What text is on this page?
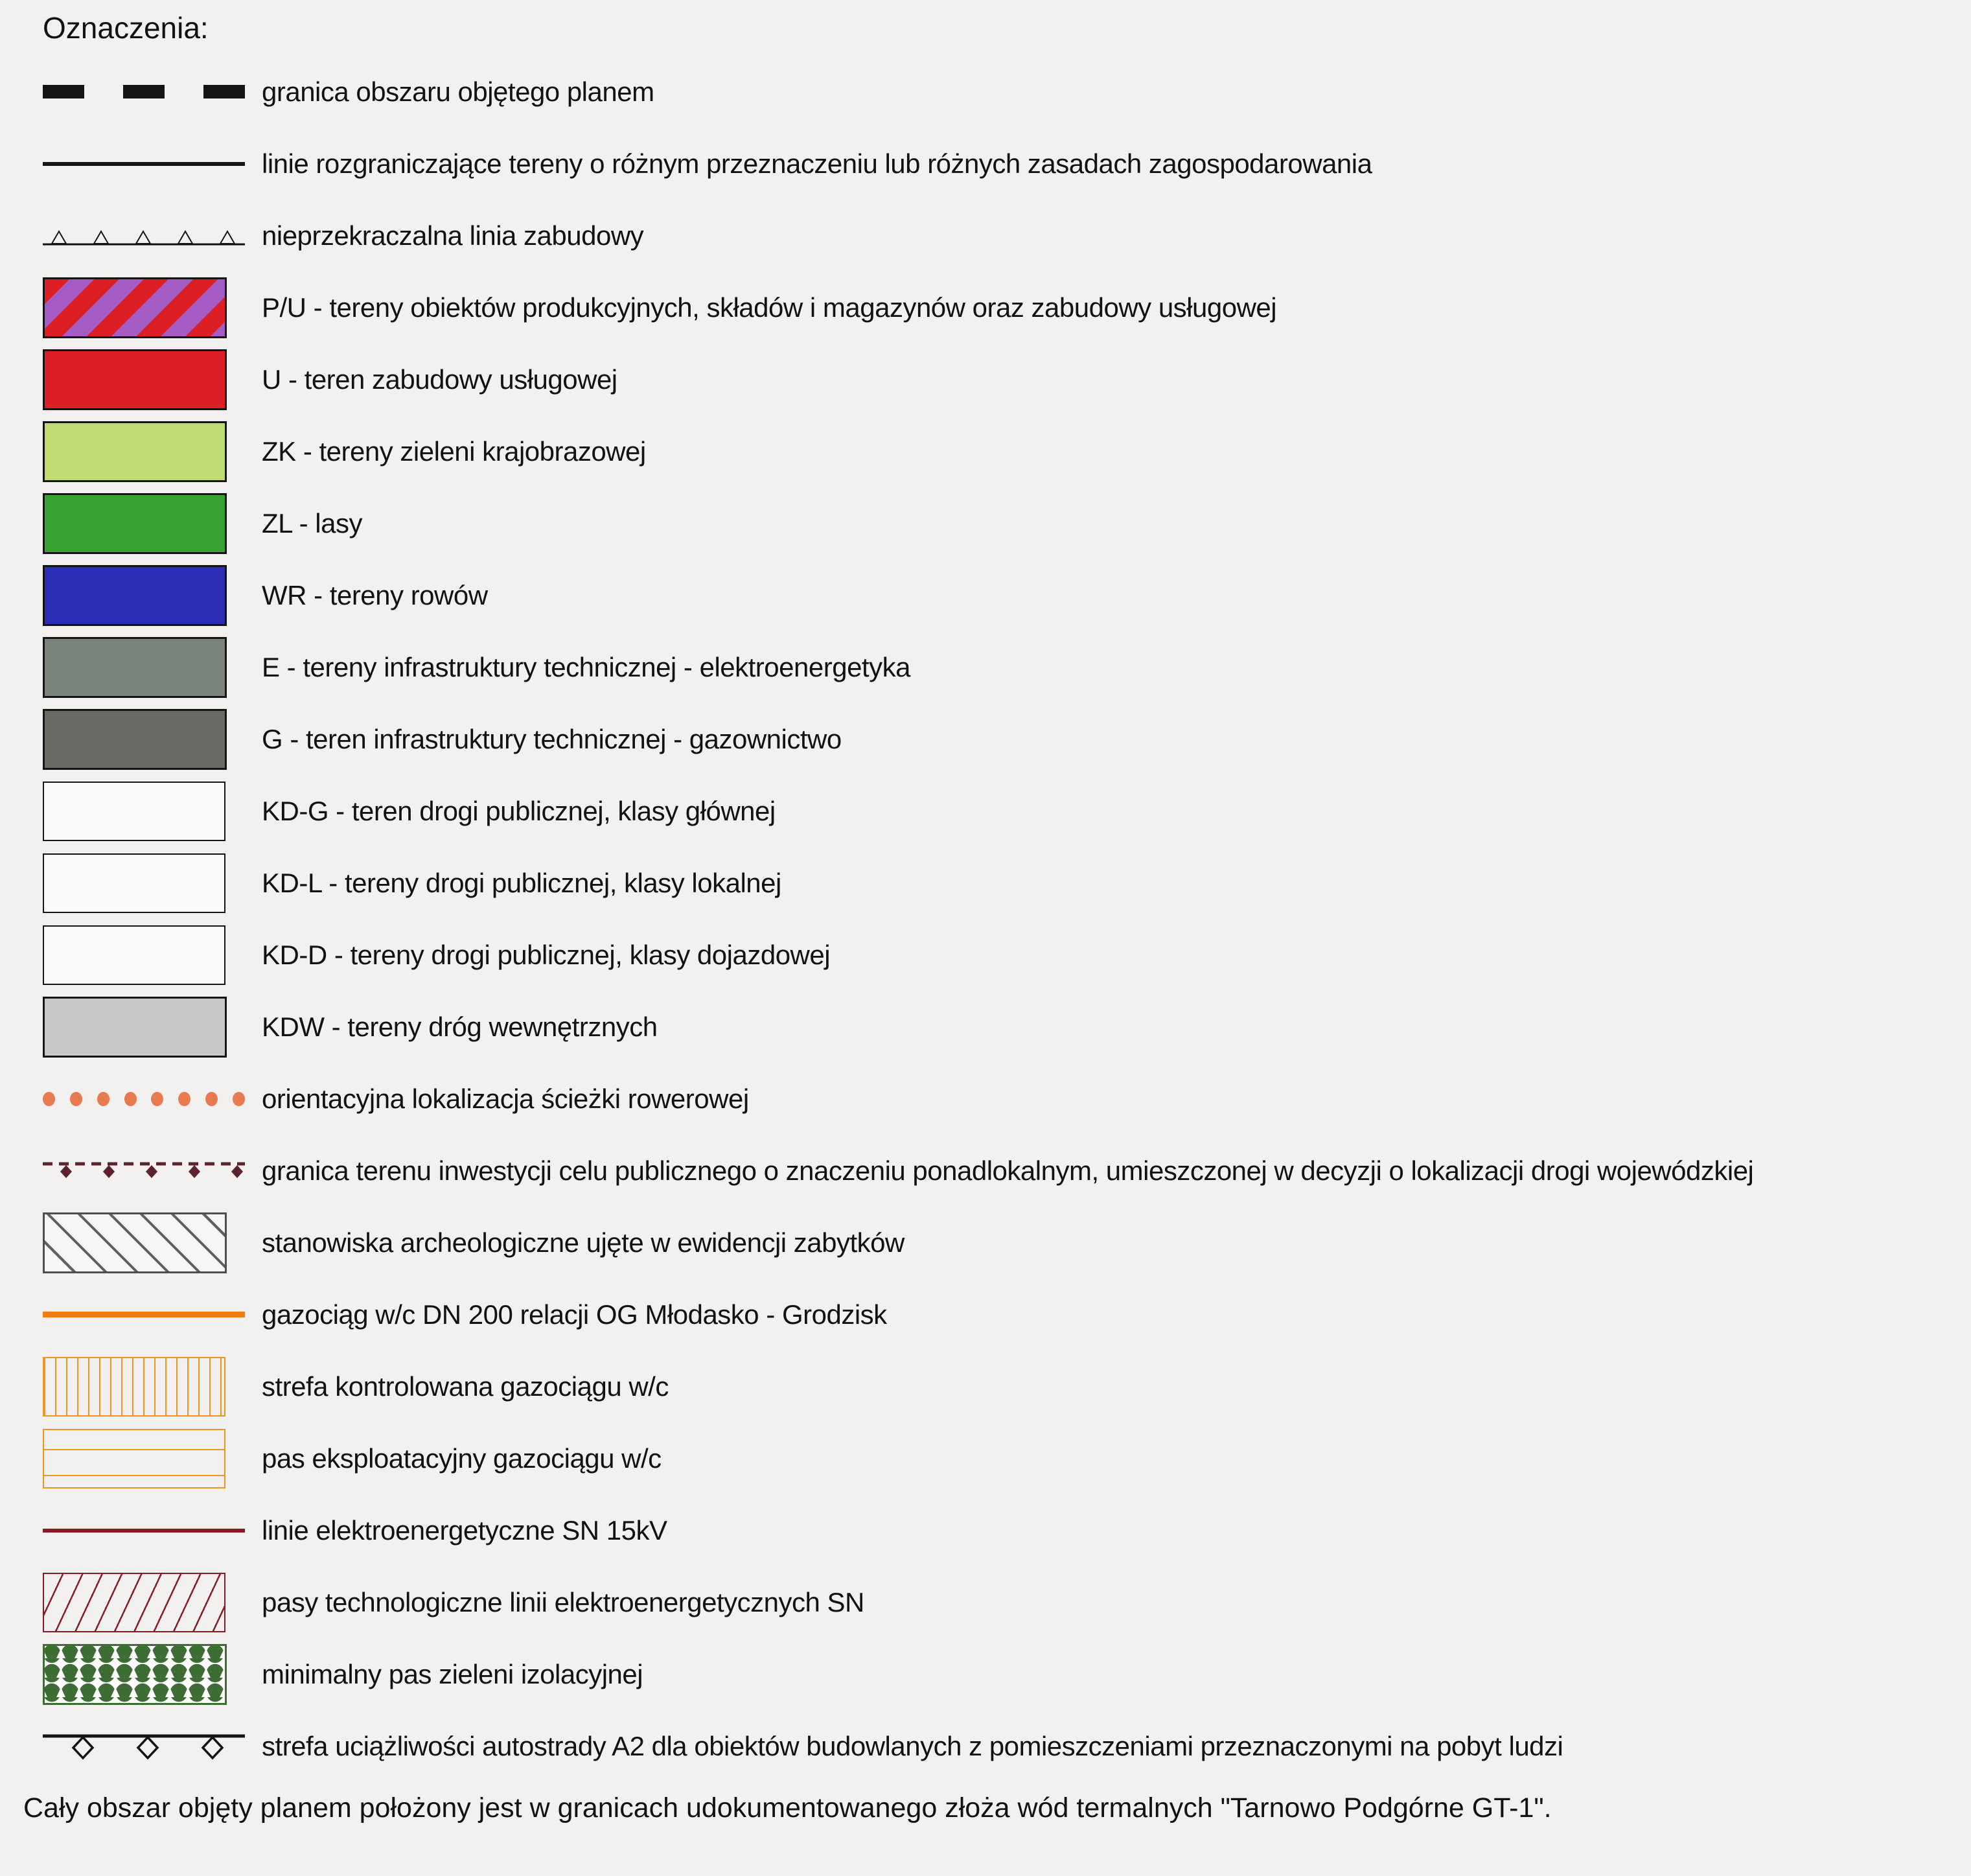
Oznaczenia:
granica obszaru objętego planem
linie rozgraniczające tereny o różnym przeznaczeniu lub różnych zasadach zagospodarowania
nieprzekraczalna linia zabudowy
P/U - tereny obiektów produkcyjnych, składów i magazynów oraz zabudowy usługowej
U - teren zabudowy usługowej
ZK - tereny zieleni krajobrazowej
ZL - lasy
WR - tereny rowów
E - tereny infrastruktury technicznej - elektroenergetyka
G - teren infrastruktury technicznej - gazownictwo
KD-G - teren drogi publicznej, klasy głównej
KD-L - tereny drogi publicznej, klasy lokalnej
KD-D - tereny drogi publicznej, klasy dojazdowej
KDW - tereny dróg wewnętrznych
orientacyjna lokalizacja ścieżki rowerowej
granica terenu inwestycji celu publicznego o znaczeniu ponadlokalnym, umieszczonej w decyzji o lokalizacji drogi wojewódzkiej
stanowiska archeologiczne ujęte w ewidencji zabytków
gazociąg w/c DN 200 relacji OG Młodasko - Grodzisk
strefa kontrolowana gazociągu w/c
pas eksploatacyjny gazociągu w/c
linie elektroenergetyczne SN 15kV
pasy technologiczne linii elektroenergetycznych SN
minimalny pas zieleni izolacyjnej
strefa uciążliwości autostrady A2 dla obiektów budowlanych z pomieszczeniami przeznaczonymi na pobyt ludzi
Cały obszar objęty planem położony jest w granicach udokumentowanego złoża wód termalnych "Tarnowo Podgórne GT-1".
